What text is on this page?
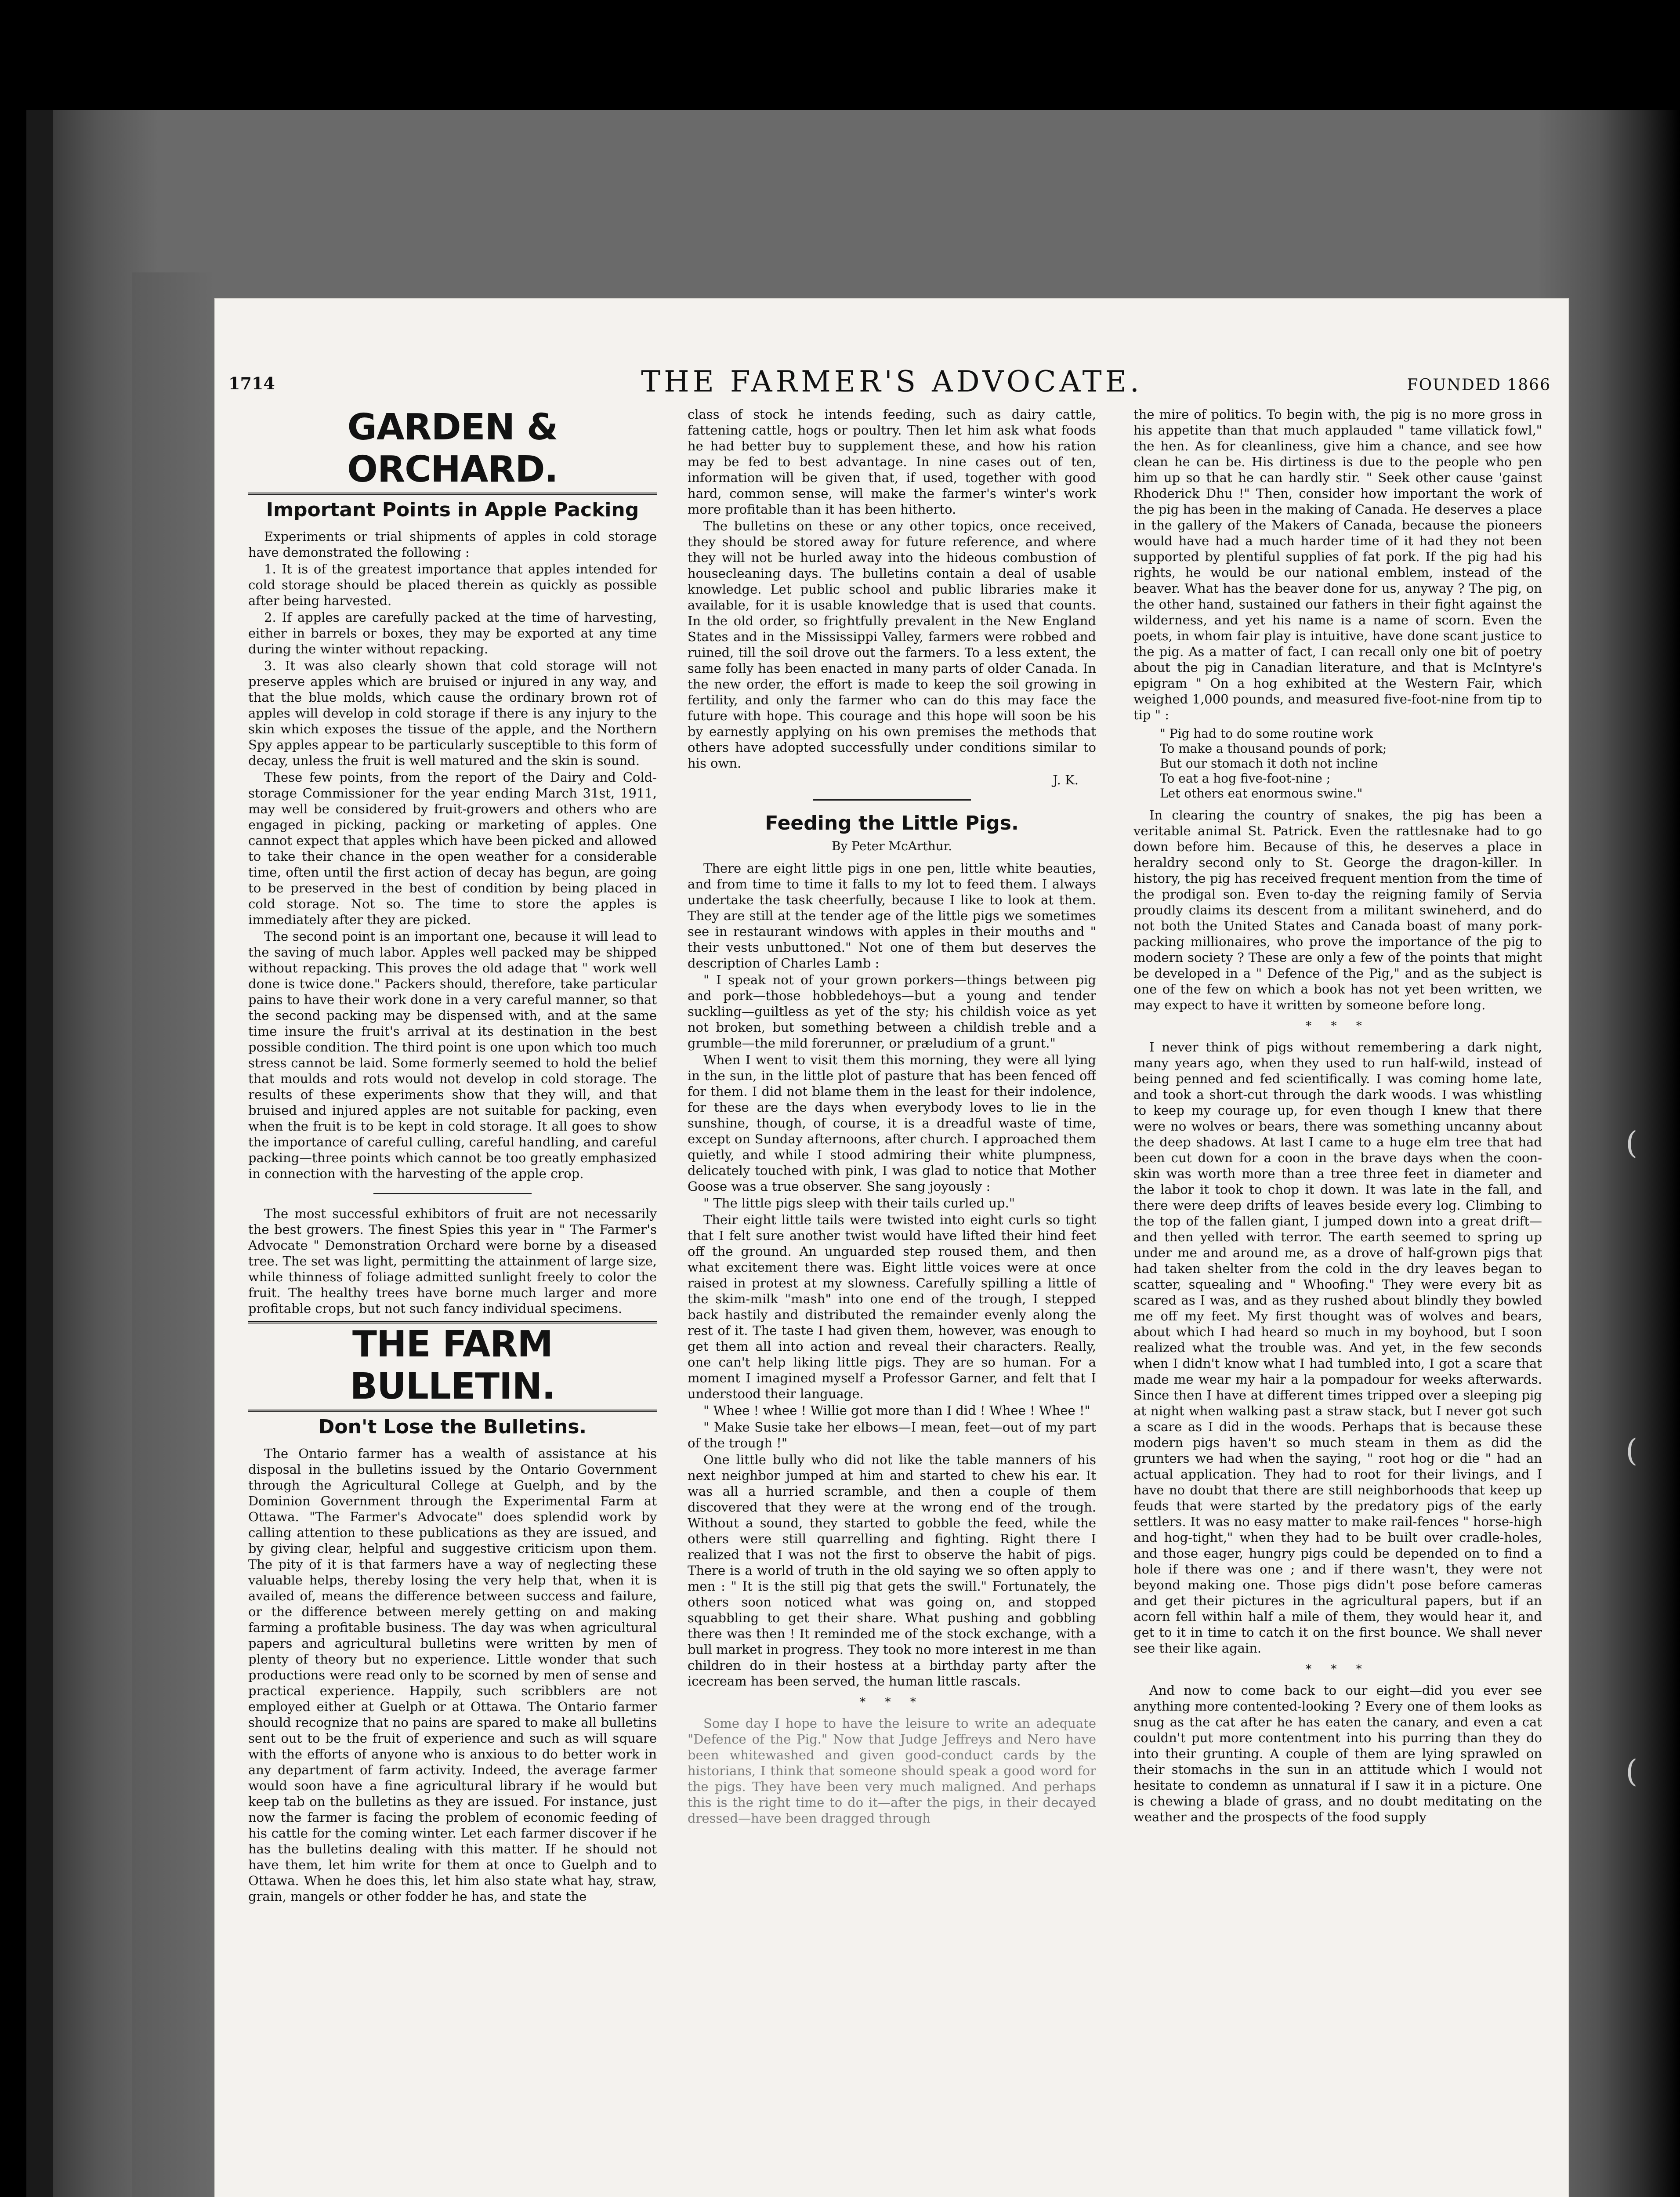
1714	THE FARMER'S ADVOCATE.	FOUNDED 1866
GARDEN & ORCHARD.
Important Points in Apple Packing

Experiments or trial shipments of apples in cold storage have demonstrated the following :

1. It is of the greatest importance that apples intended for cold storage should be placed therein as quickly as possible after being harvested.

2. If apples are carefully packed at the time of harvesting, either in barrels or boxes, they may be exported at any time during the winter without repacking.

3. It was also clearly shown that cold storage will not preserve apples which are bruised or injured in any way, and that the blue molds, which cause the ordinary brown rot of apples will develop in cold storage if there is any injury to the skin which exposes the tissue of the apple, and the Northern Spy apples appear to be particularly susceptible to this form of decay, unless the fruit is well matured and the skin is sound.

These few points, from the report of the Dairy and Cold-storage Commissioner for the year ending March 31st, 1911, may well be considered by fruit-growers and others who are engaged in picking, packing or marketing of apples. One cannot expect that apples which have been picked and allowed to take their chance in the open weather for a considerable time, often until the first action of decay has begun, are going to be preserved in the best of condition by being placed in cold storage. Not so. The time to store the apples is immediately after they are picked.

The second point is an important one, because it will lead to the saving of much labor. Apples well packed may be shipped without repacking. This proves the old adage that " work well done is twice done." Packers should, therefore, take particular pains to have their work done in a very careful manner, so that the second packing may be dispensed with, and at the same time insure the fruit's arrival at its destination in the best possible condition. The third point is one upon which too much stress cannot be laid. Some formerly seemed to hold the belief that moulds and rots would not develop in cold storage. The results of these experiments show that they will, and that bruised and injured apples are not suitable for packing, even when the fruit is to be kept in cold storage. It all goes to show the importance of careful culling, careful handling, and careful packing—three points which cannot be too greatly emphasized in connection with the harvesting of the apple crop.

The most successful exhibitors of fruit are not necessarily the best growers. The finest Spies this year in " The Farmer's Advocate " Demonstration Orchard were borne by a diseased tree. The set was light, permitting the attainment of large size, while thinness of foliage admitted sunlight freely to color the fruit. The healthy trees have borne much larger and more profitable crops, but not such fancy individual specimens.

THE FARM BULLETIN.
Don't Lose the Bulletins.

The Ontario farmer has a wealth of assistance at his disposal in the bulletins issued by the Ontario Government through the Agricultural College at Guelph, and by the Dominion Government through the Experimental Farm at Ottawa. "The Farmer's Advocate" does splendid work by calling attention to these publications as they are issued, and by giving clear, helpful and suggestive criticism upon them. The pity of it is that farmers have a way of neglecting these valuable helps, thereby losing the very help that, when it is availed of, means the difference between success and failure, or the difference between merely getting on and making farming a profitable business. The day was when agricultural papers and agricultural bulletins were written by men of plenty of theory but no experience. Little wonder that such productions were read only to be scorned by men of sense and practical experience. Happily, such scribblers are not employed either at Guelph or at Ottawa. The Ontario farmer should recognize that no pains are spared to make all bulletins sent out to be the fruit of experience and such as will square with the efforts of anyone who is anxious to do better work in any department of farm activity. Indeed, the average farmer would soon have a fine agricultural library if he would but keep tab on the bulletins as they are issued. For instance, just now the farmer is facing the problem of economic feeding of his cattle for the coming winter. Let each farmer discover if he has the bulletins dealing with this matter. If he should not have them, let him write for them at once to Guelph and to Ottawa. When he does this, let him also state what hay, straw, grain, mangels or other fodder he has, and state the

class of stock he intends feeding, such as dairy cattle, fattening cattle, hogs or poultry. Then let him ask what foods he had better buy to supplement these, and how his ration may be fed to best advantage. In nine cases out of ten, information will be given that, if used, together with good hard, common sense, will make the farmer's winter's work more profitable than it has been hitherto.

The bulletins on these or any other topics, once received, they should be stored away for future reference, and where they will not be hurled away into the hideous combustion of housecleaning days. The bulletins contain a deal of usable knowledge. Let public school and public libraries make it available, for it is usable knowledge that is used that counts. In the old order, so frightfully prevalent in the New England States and in the Mississippi Valley, farmers were robbed and ruined, till the soil drove out the farmers. To a less extent, the same folly has been enacted in many parts of older Canada. In the new order, the effort is made to keep the soil growing in fertility, and only the farmer who can do this may face the future with hope. This courage and this hope will soon be his by earnestly applying on his own premises the methods that others have adopted successfully under conditions similar to his own.

J. K.
Feeding the Little Pigs.
By Peter McArthur.

There are eight little pigs in one pen, little white beauties, and from time to time it falls to my lot to feed them. I always undertake the task cheerfully, because I like to look at them. They are still at the tender age of the little pigs we sometimes see in restaurant windows with apples in their mouths and " their vests unbuttoned." Not one of them but deserves the description of Charles Lamb :

" I speak not of your grown porkers—things between pig and pork—those hobbledehoys—but a young and tender suckling—guiltless as yet of the sty; his childish voice as yet not broken, but something between a childish treble and a grumble—the mild forerunner, or præludium of a grunt."

When I went to visit them this morning, they were all lying in the sun, in the little plot of pasture that has been fenced off for them. I did not blame them in the least for their indolence, for these are the days when everybody loves to lie in the sunshine, though, of course, it is a dreadful waste of time, except on Sunday afternoons, after church. I approached them quietly, and while I stood admiring their white plumpness, delicately touched with pink, I was glad to notice that Mother Goose was a true observer. She sang joyously :

" The little pigs sleep with their tails curled up."

Their eight little tails were twisted into eight curls so tight that I felt sure another twist would have lifted their hind feet off the ground. An unguarded step roused them, and then what excitement there was. Eight little voices were at once raised in protest at my slowness. Carefully spilling a little of the skim-milk "mash" into one end of the trough, I stepped back hastily and distributed the remainder evenly along the rest of it. The taste I had given them, however, was enough to get them all into action and reveal their characters. Really, one can't help liking little pigs. They are so human. For a moment I imagined myself a Professor Garner, and felt that I understood their language.

" Whee ! whee ! Willie got more than I did ! Whee ! Whee !"

" Make Susie take her elbows—I mean, feet—out of my part of the trough !"

One little bully who did not like the table manners of his next neighbor jumped at him and started to chew his ear. It was all a hurried scramble, and then a couple of them discovered that they were at the wrong end of the trough. Without a sound, they started to gobble the feed, while the others were still quarrelling and fighting. Right there I realized that I was not the first to observe the habit of pigs. There is a world of truth in the old saying we so often apply to men : " It is the still pig that gets the swill." Fortunately, the others soon noticed what was going on, and stopped squabbling to get their share. What pushing and gobbling there was then ! It reminded me of the stock exchange, with a bull market in progress. They took no more interest in me than children do in their hostess at a birthday party after the icecream has been served, the human little rascals.

* * *

Some day I hope to have the leisure to write an adequate "Defence of the Pig." Now that Judge Jeffreys and Nero have been whitewashed and given good-conduct cards by the historians, I think that someone should speak a good word for the pigs. They have been very much maligned. And perhaps this is the right time to do it—after the pigs, in their decayed dressed—have been dragged through

the mire of politics. To begin with, the pig is no more gross in his appetite than that much applauded " tame villatick fowl," the hen. As for cleanliness, give him a chance, and see how clean he can be. His dirtiness is due to the people who pen him up so that he can hardly stir. " Seek other cause 'gainst Rhoderick Dhu !" Then, consider how important the work of the pig has been in the making of Canada. He deserves a place in the gallery of the Makers of Canada, because the pioneers would have had a much harder time of it had they not been supported by plentiful supplies of fat pork. If the pig had his rights, he would be our national emblem, instead of the beaver. What has the beaver done for us, anyway ? The pig, on the other hand, sustained our fathers in their fight against the wilderness, and yet his name is a name of scorn. Even the poets, in whom fair play is intuitive, have done scant justice to the pig. As a matter of fact, I can recall only one bit of poetry about the pig in Canadian literature, and that is McIntyre's epigram " On a hog exhibited at the Western Fair, which weighed 1,000 pounds, and measured five-foot-nine from tip to tip " :

" Pig had to do some routine work
To make a thousand pounds of pork;
But our stomach it doth not incline
To eat a hog five-foot-nine ;
Let others eat enormous swine."

In clearing the country of snakes, the pig has been a veritable animal St. Patrick. Even the rattlesnake had to go down before him. Because of this, he deserves a place in heraldry second only to St. George the dragon-killer. In history, the pig has received frequent mention from the time of the prodigal son. Even to-day the reigning family of Servia proudly claims its descent from a militant swineherd, and do not both the United States and Canada boast of many pork-packing millionaires, who prove the importance of the pig to modern society ? These are only a few of the points that might be developed in a " Defence of the Pig," and as the subject is one of the few on which a book has not yet been written, we may expect to have it written by someone before long.

* * *

I never think of pigs without remembering a dark night, many years ago, when they used to run half-wild, instead of being penned and fed scientifically. I was coming home late, and took a short-cut through the dark woods. I was whistling to keep my courage up, for even though I knew that there were no wolves or bears, there was something uncanny about the deep shadows. At last I came to a huge elm tree that had been cut down for a coon in the brave days when the coon-skin was worth more than a tree three feet in diameter and the labor it took to chop it down. It was late in the fall, and there were deep drifts of leaves beside every log. Climbing to the top of the fallen giant, I jumped down into a great drift—and then yelled with terror. The earth seemed to spring up under me and around me, as a drove of half-grown pigs that had taken shelter from the cold in the dry leaves began to scatter, squealing and " Whoofing." They were every bit as scared as I was, and as they rushed about blindly they bowled me off my feet. My first thought was of wolves and bears, about which I had heard so much in my boyhood, but I soon realized what the trouble was. And yet, in the few seconds when I didn't know what I had tumbled into, I got a scare that made me wear my hair a la pompadour for weeks afterwards. Since then I have at different times tripped over a sleeping pig at night when walking past a straw stack, but I never got such a scare as I did in the woods. Perhaps that is because these modern pigs haven't so much steam in them as did the grunters we had when the saying, " root hog or die " had an actual application. They had to root for their livings, and I have no doubt that there are still neighborhoods that keep up feuds that were started by the predatory pigs of the early settlers. It was no easy matter to make rail-fences " horse-high and hog-tight," when they had to be built over cradle-holes, and those eager, hungry pigs could be depended on to find a hole if there was one ; and if there wasn't, they were not beyond making one. Those pigs didn't pose before cameras and get their pictures in the agricultural papers, but if an acorn fell within half a mile of them, they would hear it, and get to it in time to catch it on the first bounce. We shall never see their like again.

* * *

And now to come back to our eight—did you ever see anything more contented-looking ? Every one of them looks as snug as the cat after he has eaten the canary, and even a cat couldn't put more contentment into his purring than they do into their grunting. A couple of them are lying sprawled on their stomachs in the sun in an attitude which I would not hesitate to condemn as unnatural if I saw it in a picture. One is chewing a blade of grass, and no doubt meditating on the weather and the prospects of the food supply

(
(
(
